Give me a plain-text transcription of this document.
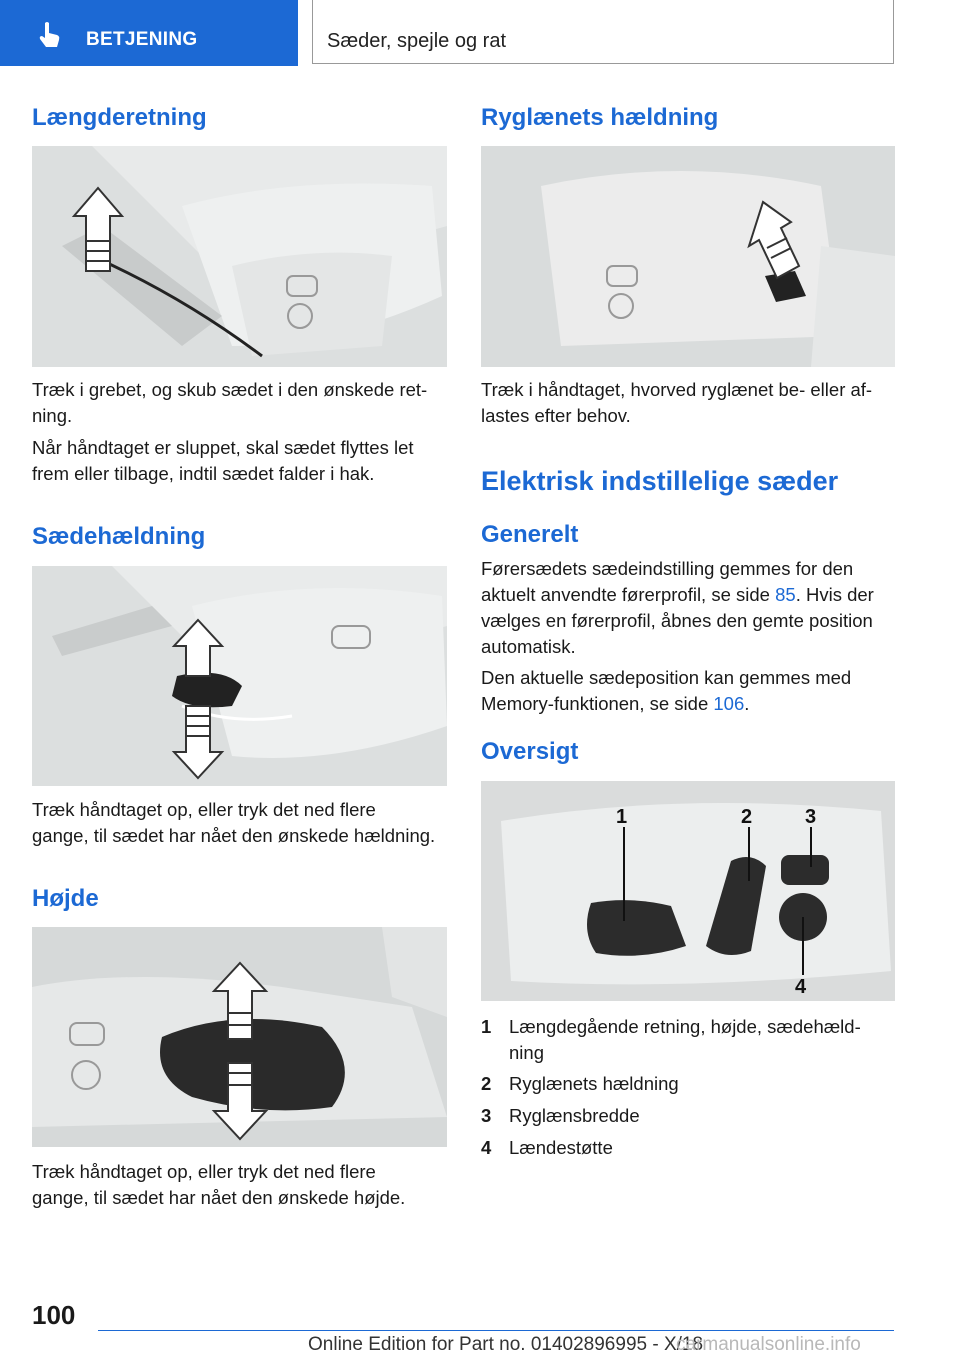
BETJENING	Sæder, spejle og rat
Længderetning

Træk i grebet, og skub sædet i den ønskede ret-

ning.

Når håndtaget er sluppet, skal sædet flyttes let

frem eller tilbage, indtil sædet falder i hak.

Sædehældning

Træk håndtaget op, eller tryk det ned flere

gange, til sædet har nået den ønskede hældning.

Højde

Træk håndtaget op, eller tryk det ned flere

gange, til sædet har nået den ønskede højde.

Ryglænets hældning

Træk i håndtaget, hvorved ryglænet be- eller af-

lastes efter behov.

Elektrisk indstillelige sæder
Generelt

Førersædets sædeindstilling gemmes for den

aktuelt anvendte førerprofil, se side 85. Hvis der

vælges en førerprofil, åbnes den gemte position

automatisk.

Den aktuelle sædeposition kan gemmes med

Memory-funktionen, se side 106.

Oversigt
1	2	3
4
1 Længdegående retning, højde, sædehæld-
ning
2 Ryglænets hældning
3 Ryglænsbredde
4 Lændestøtte
100
Online Edition for Part no. 01402896995 - X/18
carmanualsonline.info
